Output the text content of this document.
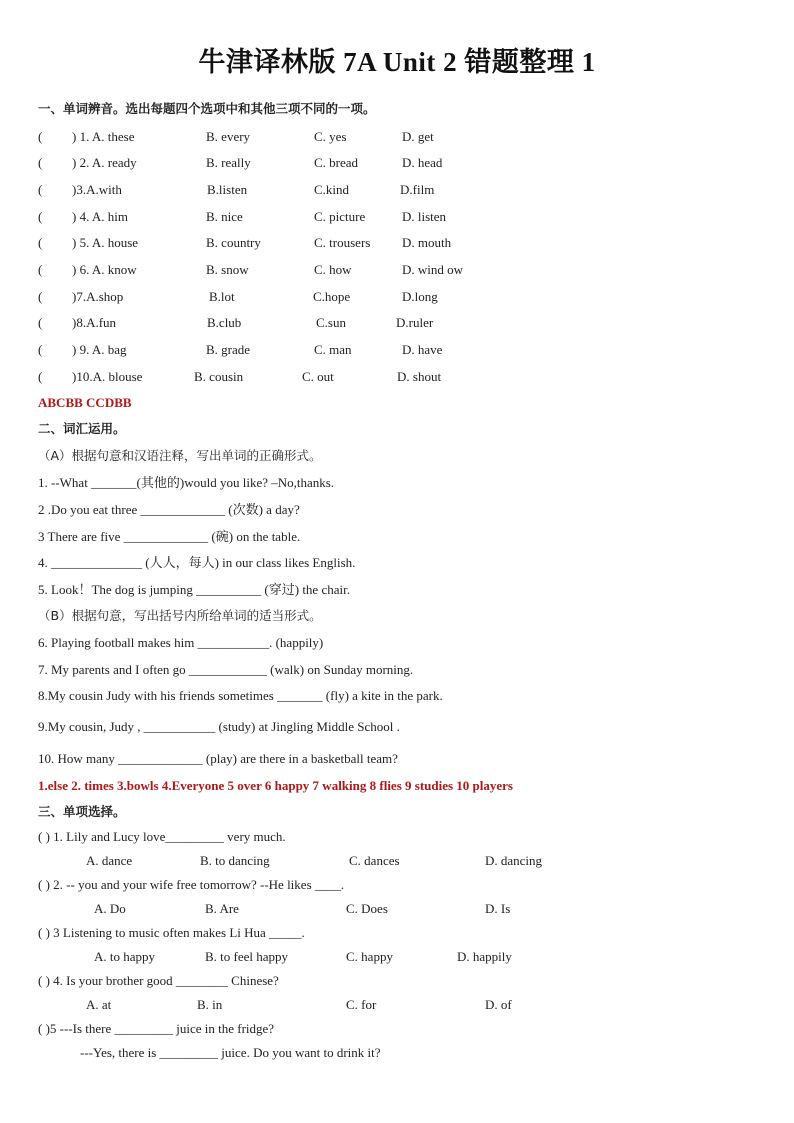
牛津译林版 7A Unit 2 错题整理 1
一、单词辨音。选出每题四个选项中和其他三项不同的一项。
( ) 1. A. these	B. every	C. yes	D. get
( ) 2. A. ready	B. really	C. bread	D. head
( )3.A.with	B.listen	C.kind	D.film
( ) 4. A. him	B. nice	C. picture	D. listen
( ) 5. A. house	B. country	C. trousers D. mouth
( ) 6. A. know	B. snow	C. how	D. wind ow
( )7.A.shop	B.lot	C.hope	D.long
( )8.A.fun	B.club	C.sun	D.ruler
( ) 9. A. bag	B. grade	C. man	D. have
( )10.A. blouse	B. cousin	C. out	D. shout
ABCBB CCDBB
二、词汇运用。
（A）根据句意和汉语注释，写出单词的正确形式。
1. --What _______(其他的)would you like? –No,thanks.
2 .Do you eat three _____________ (次数) a day?
3 There are five _____________ (碗) on the table.
4. ______________ (人人，每人) in our class likes English.
5. Look！The dog is jumping __________ (穿过) the chair.
（B）根据句意，写出括号内所给单词的适当形式。
6. Playing football makes him ___________. (happily)
7. My parents and I often go ____________ (walk) on Sunday morning.
8.My cousin Judy with his friends sometimes _______ (fly) a kite in the park.
9.My cousin, Judy , ___________ (study) at Jingling Middle School .
10. How many _____________ (play) are there in a basketball team?
1.else 2. times 3.bowls 4.Everyone 5 over 6 happy 7 walking 8 flies 9 studies 10 players
三、单项选择。
( ) 1. Lily and Lucy love_________ very much.
A. dance	B. to dancing	C. dances	D. dancing
( ) 2. -- you and your wife free tomorrow? --He likes ____.
A. Do	B. Are	C. Does	D. Is
( ) 3 Listening to music often makes Li Hua _____.
A. to happy	B. to feel happy	C. happy	D. happily
( ) 4. Is your brother good ________ Chinese?
A. at	B. in	C. for	D. of
( )5 ---Is there _________ juice in the fridge?
---Yes, there is _________ juice. Do you want to drink it?
